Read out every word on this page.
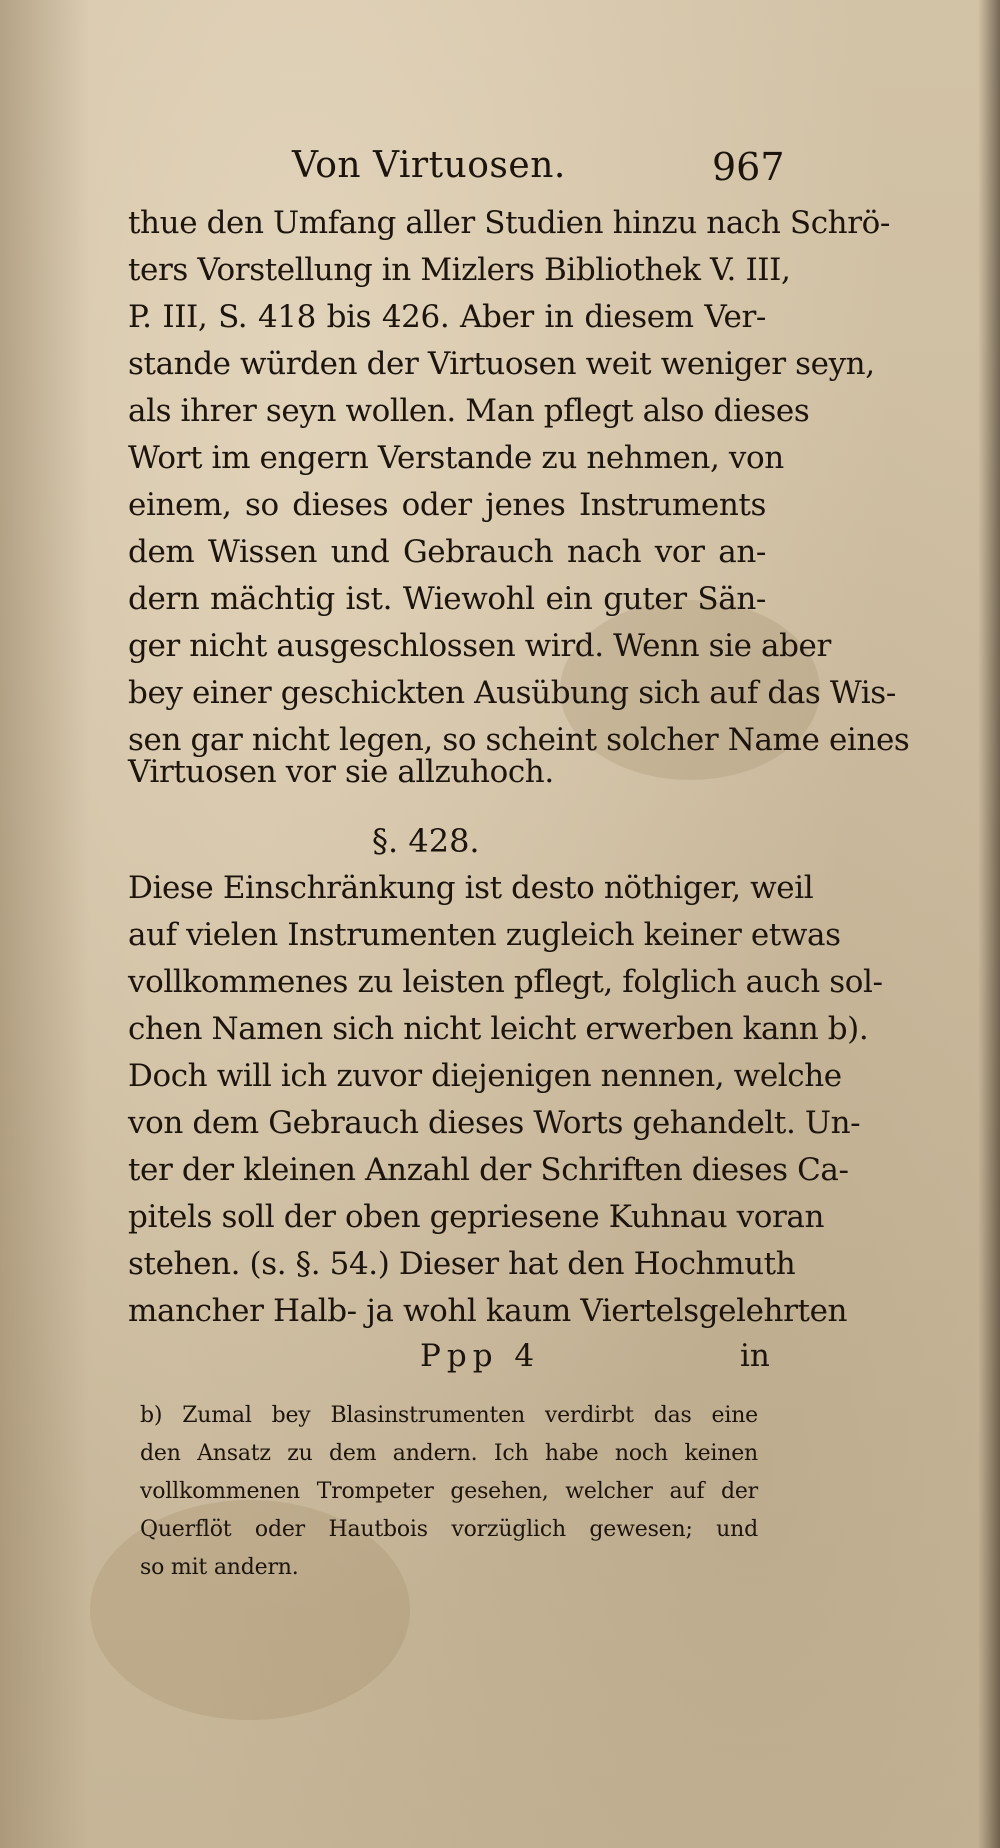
Von Virtuosen.	967
thue den Umfang aller Studien hinzu nach Schrö-
ters Vorstellung in Mizlers Bibliothek V. III,
P. III, S. 418 bis 426. Aber in diesem Ver-
stande würden der Virtuosen weit weniger seyn,
als ihrer seyn wollen. Man pflegt also dieses
Wort im engern Verstande zu nehmen, von
einem, so dieses oder jenes Instruments
dem Wissen und Gebrauch nach vor an-
dern mächtig ist. Wiewohl ein guter Sän-
ger nicht ausgeschlossen wird. Wenn sie aber
bey einer geschickten Ausübung sich auf das Wis-
sen gar nicht legen, so scheint solcher Name eines
Virtuosen vor sie allzuhoch.
§. 428.
Diese Einschränkung ist desto nöthiger, weil
auf vielen Instrumenten zugleich keiner etwas
vollkommenes zu leisten pflegt, folglich auch sol-
chen Namen sich nicht leicht erwerben kann b).
Doch will ich zuvor diejenigen nennen, welche
von dem Gebrauch dieses Worts gehandelt. Un-
ter der kleinen Anzahl der Schriften dieses Ca-
pitels soll der oben gepriesene Kuhnau voran
stehen. (s. §. 54.) Dieser hat den Hochmuth
mancher Halb- ja wohl kaum Viertelsgelehrten
Ppp 4	in
b) Zumal bey Blasinstrumenten verdirbt das eine
den Ansatz zu dem andern. Ich habe noch keinen
vollkommenen Trompeter gesehen, welcher auf der
Querflöt oder Hautbois vorzüglich gewesen; und
so mit andern.
